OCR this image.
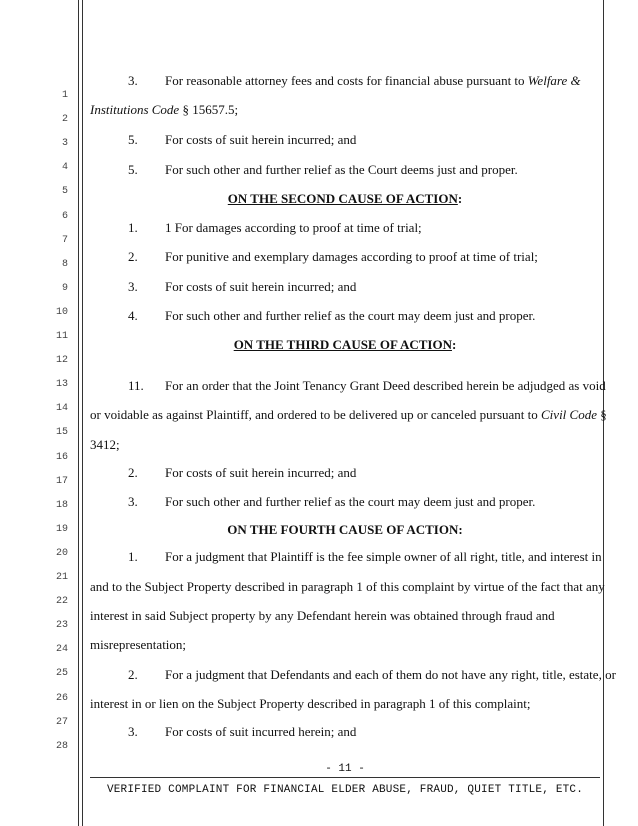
1
2
3
4
5
6
7
8
9
10
11
12
13
14
15
16
17
18
19
20
21
22
23
24
25
26
27
28
3. For reasonable attorney fees and costs for financial abuse pursuant to Welfare &
Institutions Code § 15657.5;
5. For costs of suit herein incurred; and
5. For such other and further relief as the Court deems just and proper.
ON THE SECOND CAUSE OF ACTION:
1. 1 For damages according to proof at time of trial;
2. For punitive and exemplary damages according to proof at time of trial;
3. For costs of suit herein incurred; and
4. For such other and further relief as the court may deem just and proper.
ON THE THIRD CAUSE OF ACTION:
11. For an order that the Joint Tenancy Grant Deed described herein be adjudged as void
or voidable as against Plaintiff, and ordered to be delivered up or canceled pursuant to Civil Code §
3412;
2. For costs of suit herein incurred; and
3. For such other and further relief as the court may deem just and proper.
ON THE FOURTH CAUSE OF ACTION:
1. For a judgment that Plaintiff is the fee simple owner of all right, title, and interest in
and to the Subject Property described in paragraph 1 of this complaint by virtue of the fact that any
interest in said Subject property by any Defendant herein was obtained through fraud and
misrepresentation;
2. For a judgment that Defendants and each of them do not have any right, title, estate, or
interest in or lien on the Subject Property described in paragraph 1 of this complaint;
3. For costs of suit incurred herein; and
- 11 -
VERIFIED COMPLAINT FOR FINANCIAL ELDER ABUSE, FRAUD, QUIET TITLE, ETC.
